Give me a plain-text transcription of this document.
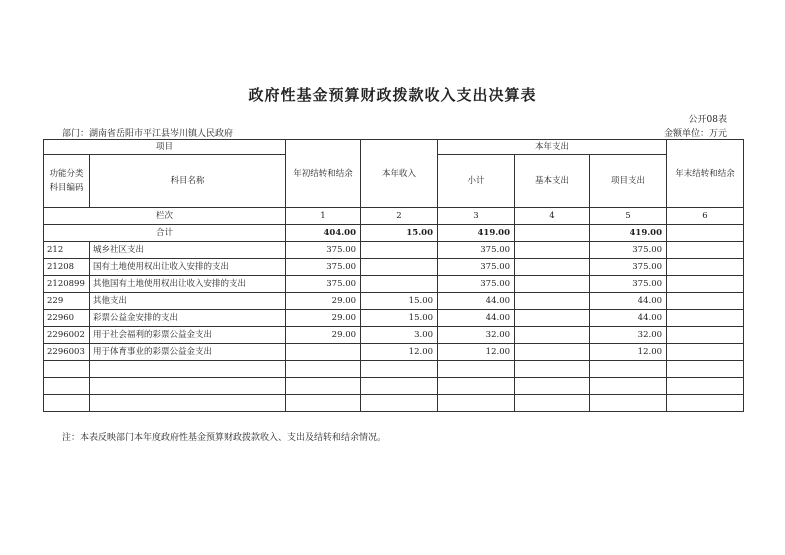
政府性基金预算财政拨款收入支出决算表
公开08表
部门：湖南省岳阳市平江县岑川镇人民政府	金额单位：万元
项目		年初结转和结余	本年收入	本年支出			年末结转和结余
功能分类科目编码	科目名称			小计	基本支出	项目支出	
栏次		1	2	3	4	5	6
合计		404.00	15.00	419.00		419.00	
212	城乡社区支出	375.00		375.00		375.00	
21208	国有土地使用权出让收入安排的支出	375.00		375.00		375.00	
2120899	其他国有土地使用权出让收入安排的支出	375.00		375.00		375.00	
229	其他支出	29.00	15.00	44.00		44.00	
22960	彩票公益金安排的支出	29.00	15.00	44.00		44.00	
2296002	用于社会福利的彩票公益金支出	29.00	3.00	32.00		32.00	
2296003	用于体育事业的彩票公益金支出		12.00	12.00		12.00	

注：本表反映部门本年度政府性基金预算财政拨款收入、支出及结转和结余情况。
